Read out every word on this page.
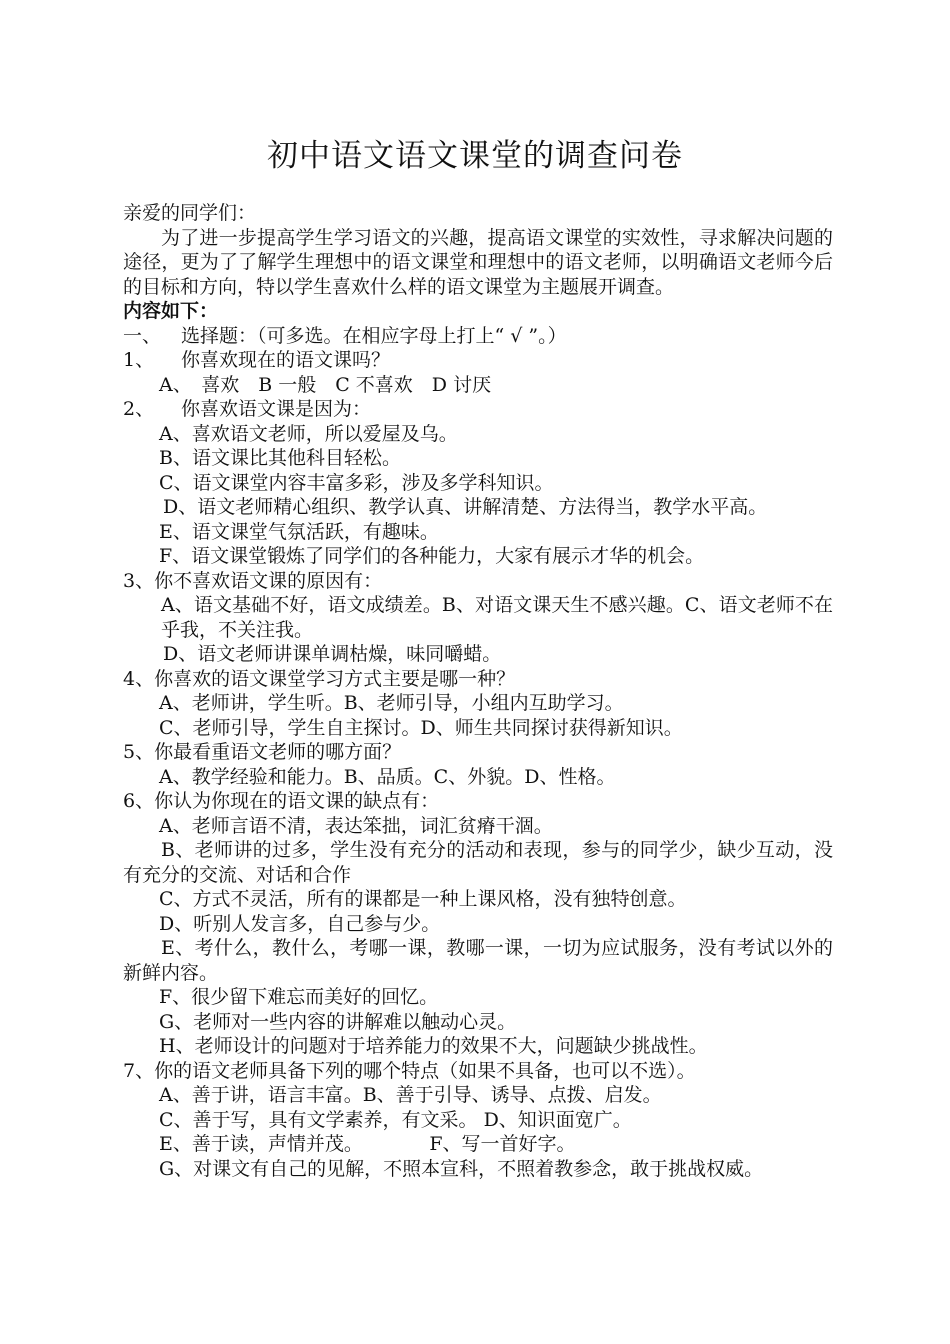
初中语文语文课堂的调查问卷
亲爱的同学们：
为了进一步提高学生学习语文的兴趣，提高语文课堂的实效性，寻求解决问题的途径，更为了了解学生理想中的语文课堂和理想中的语文老师，以明确语文老师今后的目标和方向，特以学生喜欢什么样的语文课堂为主题展开调查。
内容如下：
一、 选择题：（可多选。在相应字母上打上“ √ ”。）
1、 你喜欢现在的语文课吗？
A、　喜欢　B 一般　C 不喜欢　D 讨厌
2、 你喜欢语文课是因为：
A、喜欢语文老师，所以爱屋及乌。
B、语文课比其他科目轻松。
C、语文课堂内容丰富多彩，涉及多学科知识。
D、语文老师精心组织、教学认真、讲解清楚、方法得当，教学水平高。
E、语文课堂气氛活跃，有趣味。
F、语文课堂锻炼了同学们的各种能力，大家有展示才华的机会。
3、你不喜欢语文课的原因有：
A、语文基础不好，语文成绩差。B、对语文课天生不感兴趣。C、语文老师不在乎我，不关注我。
D、语文老师讲课单调枯燥，味同嚼蜡。
4、你喜欢的语文课堂学习方式主要是哪一种？
A、老师讲，学生听。B、老师引导，小组内互助学习。
C、老师引导，学生自主探讨。D、师生共同探讨获得新知识。
5、你最看重语文老师的哪方面？
A、教学经验和能力。B、品质。C、外貌。D、性格。
6、你认为你现在的语文课的缺点有：
A、老师言语不清，表达笨拙，词汇贫瘠干涸。
B、老师讲的过多，学生没有充分的活动和表现，参与的同学少，缺少互动，没有充分的交流、对话和合作
C、方式不灵活，所有的课都是一种上课风格，没有独特创意。
D、听别人发言多，自己参与少。
E、考什么，教什么，考哪一课，教哪一课，一切为应试服务，没有考试以外的新鲜内容。
F、很少留下难忘而美好的回忆。
G、老师对一些内容的讲解难以触动心灵。
H、老师设计的问题对于培养能力的效果不大，问题缺少挑战性。
7、你的语文老师具备下列的哪个特点（如果不具备，也可以不选）。
A、善于讲，语言丰富。B、善于引导、诱导、点拨、启发。
C、善于写，具有文学素养，有文采。 D、知识面宽广。
E、善于读，声情并茂。　　　　F、写一首好字。
G、对课文有自己的见解，不照本宣科，不照着教参念，敢于挑战权威。
